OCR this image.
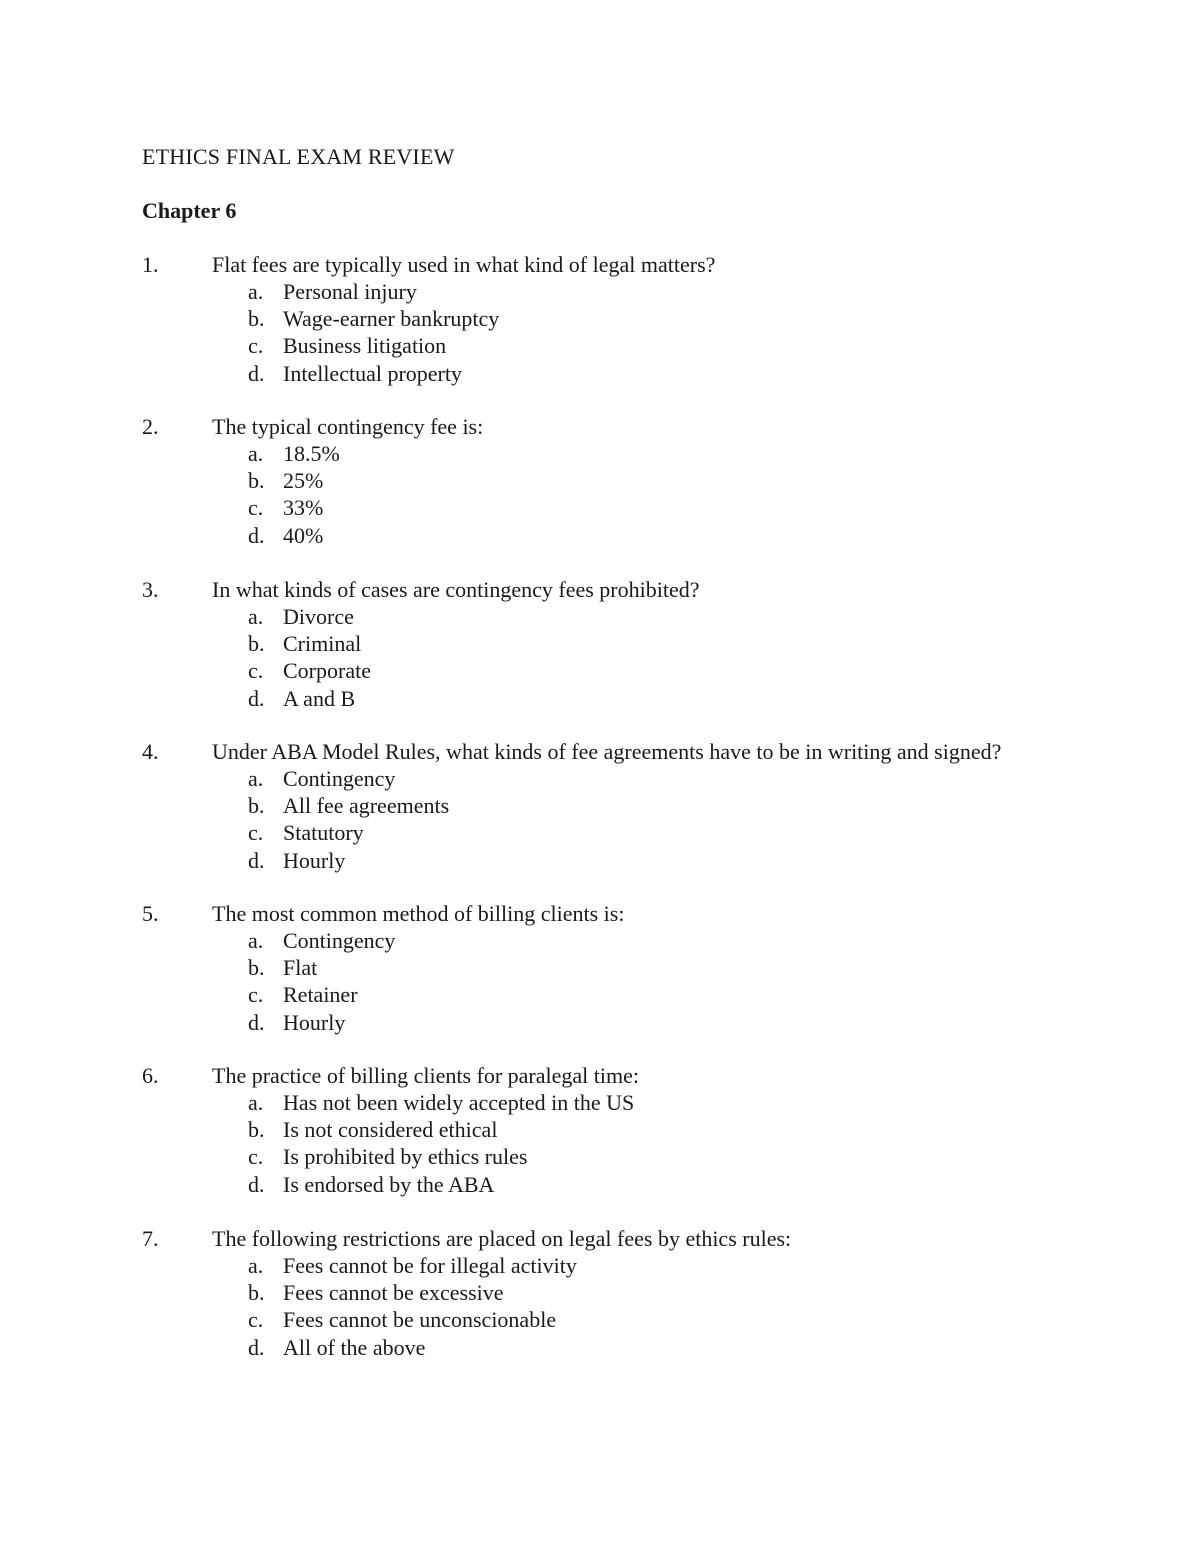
ETHICS FINAL EXAM REVIEW
Chapter 6
1. Flat fees are typically used in what kind of legal matters?
a. Personal injury
b. Wage-earner bankruptcy
c. Business litigation
d. Intellectual property
2. The typical contingency fee is:
a. 18.5%
b. 25%
c. 33%
d. 40%
3. In what kinds of cases are contingency fees prohibited?
a. Divorce
b. Criminal
c. Corporate
d. A and B
4. Under ABA Model Rules, what kinds of fee agreements have to be in writing and signed?
a. Contingency
b. All fee agreements
c. Statutory
d. Hourly
5. The most common method of billing clients is:
a. Contingency
b. Flat
c. Retainer
d. Hourly
6. The practice of billing clients for paralegal time:
a. Has not been widely accepted in the US
b. Is not considered ethical
c. Is prohibited by ethics rules
d. Is endorsed by the ABA
7. The following restrictions are placed on legal fees by ethics rules:
a. Fees cannot be for illegal activity
b. Fees cannot be excessive
c. Fees cannot be unconscionable
d. All of the above
